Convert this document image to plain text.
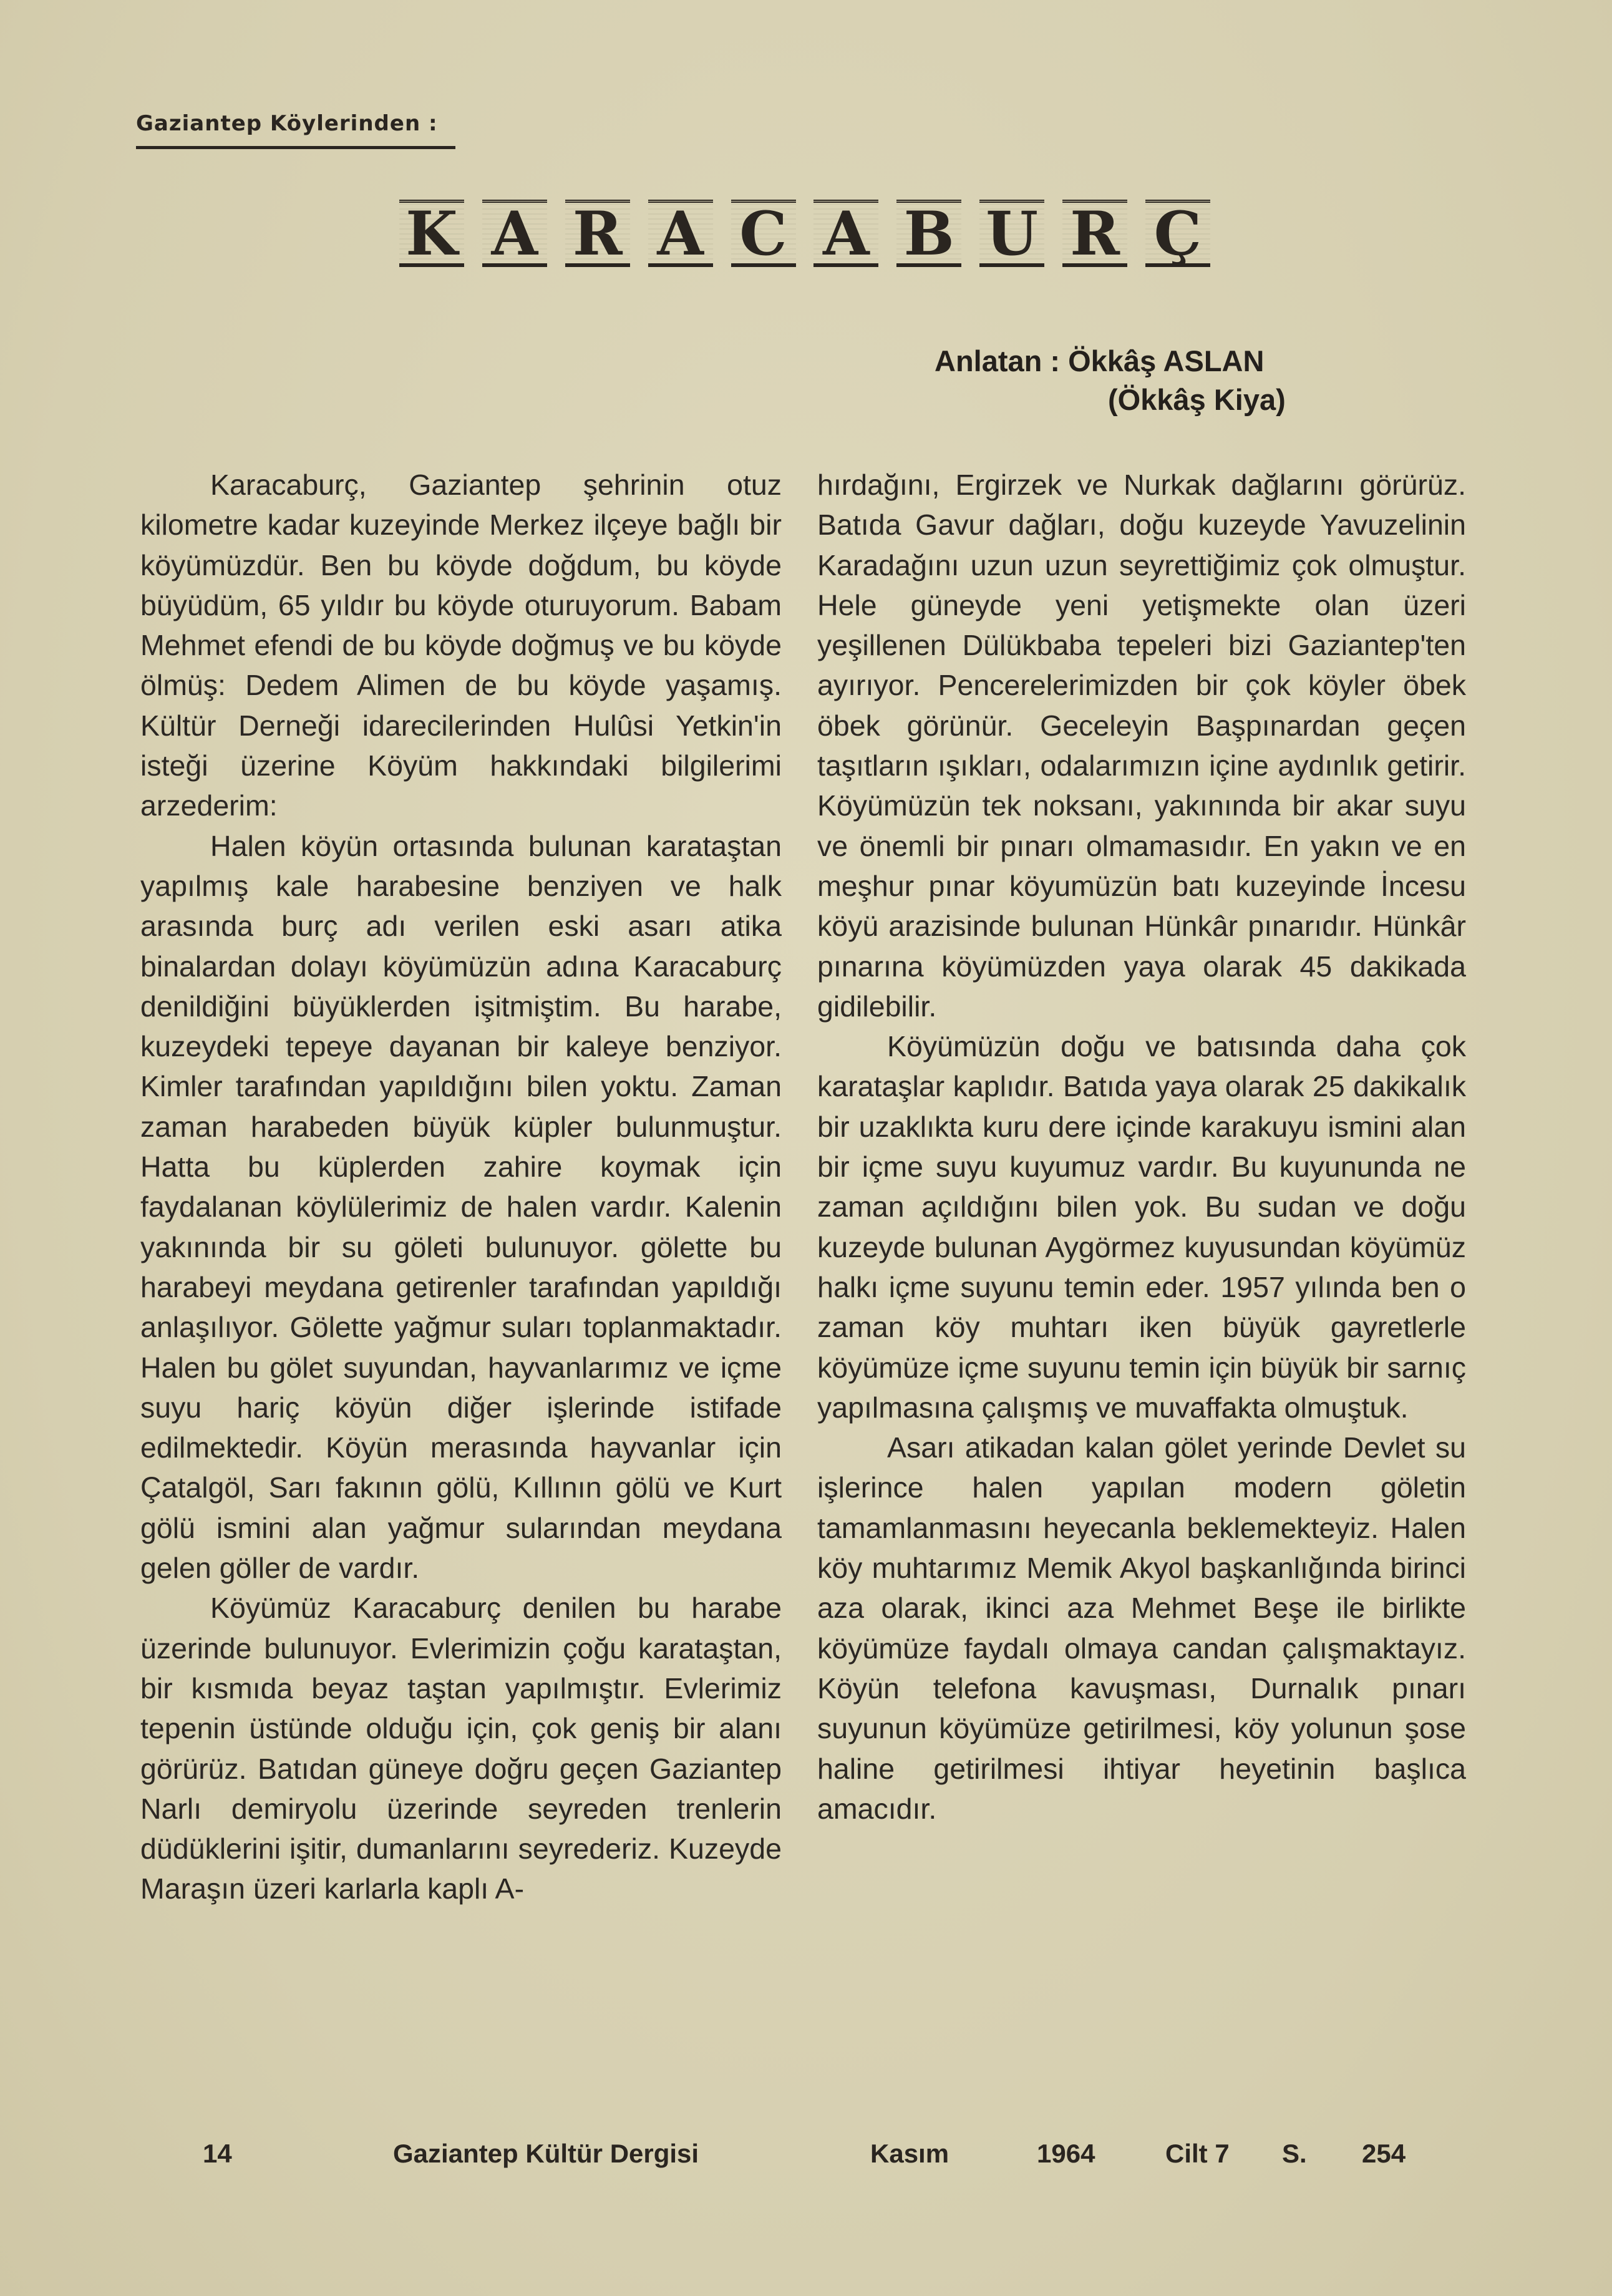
Gaziantep Köylerinden :
K A R A C A B U R Ç
Anlatan : Ökkâş ASLAN
(Ökkâş Kiya)

Karacaburç, Gaziantep şehrinin otuz kilometre kadar kuzeyinde Merkez ilçeye bağlı bir köyümüzdür. Ben bu köyde doğdum, bu köyde büyüdüm, 65 yıldır bu köyde oturuyorum. Babam Mehmet efendi de bu köyde doğmuş ve bu köyde ölmüş: Dedem Alimen de bu köyde yaşamış. Kültür Derneği idarecilerinden Hulûsi Yetkin'in isteği üzerine Köyüm hakkındaki bilgilerimi arzederim:

Halen köyün ortasında bulunan karataştan yapılmış kale harabesine benziyen ve halk arasında burç adı verilen eski asarı atika binalardan dolayı köyümüzün adına Karacaburç denildiğini büyüklerden işitmiştim. Bu harabe, kuzeydeki tepeye dayanan bir kaleye benziyor. Kimler tarafından yapıldığını bilen yoktu. Zaman zaman harabeden büyük küpler bulunmuştur. Hatta bu küplerden zahire koymak için faydalanan köylülerimiz de halen vardır. Kalenin yakınında bir su göleti bulunuyor. gölette bu harabeyi meydana getirenler tarafından yapıldığı anlaşılıyor. Gölette yağmur suları toplanmaktadır. Halen bu gölet suyundan, hayvanlarımız ve içme suyu hariç köyün diğer işlerinde istifade edilmektedir. Köyün merasında hayvanlar için Çatalgöl, Sarı fakının gölü, Kıllının gölü ve Kurt gölü ismini alan yağmur sularından meydana gelen göller de vardır.

Köyümüz Karacaburç denilen bu harabe üzerinde bulunuyor. Evlerimizin çoğu karataştan, bir kısmıda beyaz taştan yapılmıştır. Evlerimiz tepenin üstünde olduğu için, çok geniş bir alanı görürüz. Batıdan güneye doğru geçen Gaziantep Narlı demiryolu üzerinde seyreden trenlerin düdüklerini işitir, dumanlarını seyrederiz. Kuzeyde Maraşın üzeri karlarla kaplı A-

hırdağını, Ergirzek ve Nurkak dağlarını görürüz. Batıda Gavur dağları, doğu kuzeyde Yavuzelinin Karadağını uzun uzun seyrettiğimiz çok olmuştur. Hele güneyde yeni yetişmekte olan üzeri yeşillenen Dülükbaba tepeleri bizi Gaziantep'ten ayırıyor. Pencerelerimizden bir çok köyler öbek öbek görünür. Geceleyin Başpınardan geçen taşıtların ışıkları, odalarımızın içine aydınlık getirir. Köyümüzün tek noksanı, yakınında bir akar suyu ve önemli bir pınarı olmamasıdır. En yakın ve en meşhur pınar köyumüzün batı kuzeyinde İncesu köyü arazisinde bulunan Hünkâr pınarıdır. Hünkâr pınarına köyümüzden yaya olarak 45 dakikada gidilebilir.

Köyümüzün doğu ve batısında daha çok karataşlar kaplıdır. Batıda yaya olarak 25 dakikalık bir uzaklıkta kuru dere içinde karakuyu ismini alan bir içme suyu kuyumuz vardır. Bu kuyununda ne zaman açıldığını bilen yok. Bu sudan ve doğu kuzeyde bulunan Aygörmez kuyusundan köyümüz halkı içme suyunu temin eder. 1957 yılında ben o zaman köy muhtarı iken büyük gayretlerle köyümüze içme suyunu temin için büyük bir sarnıç yapılmasına çalışmış ve muvaffakta olmuştuk.

Asarı atikadan kalan gölet yerinde Devlet su işlerince halen yapılan modern göletin tamamlanmasını heyecanla beklemekteyiz. Halen köy muhtarımız Memik Akyol başkanlığında birinci aza olarak, ikinci aza Mehmet Beşe ile birlikte köyümüze faydalı olmaya candan çalışmaktayız. Köyün telefona kavuşması, Durnalık pınarı suyunun köyümüze getirilmesi, köy yolunun şose haline getirilmesi ihtiyar heyetinin başlıca amacıdır.

14	Gaziantep Kültür Dergisi	Kasım	1964	Cilt 7 S. 254
